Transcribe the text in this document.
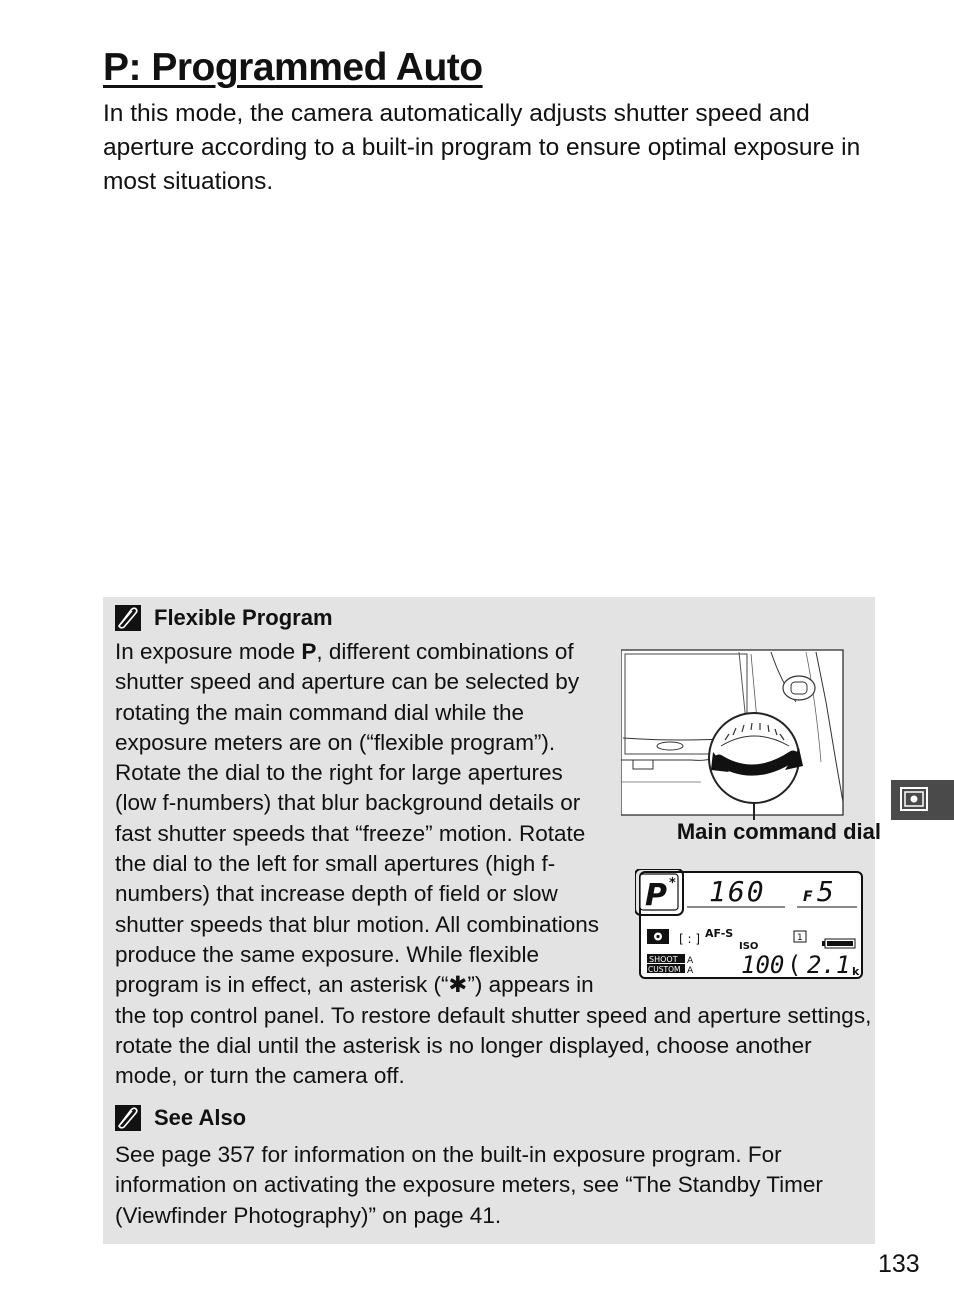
P: Programmed Auto

In this mode, the camera automatically adjusts shutter speed and aperture according to a built-in program to ensure optimal exposure in most situations.

Flexible Program
In exposure mode P, different combinations of shutter speed and aperture can be selected by rotating the main command dial while the exposure meters are on (“flexible program”). Rotate the dial to the right for large apertures (low f-numbers) that blur background details or fast shutter speeds that “freeze” motion. Rotate the dial to the left for small apertures (high f-numbers) that increase depth of field or slow shutter speeds that blur motion. All combinations produce the same exposure. While flexible program is in effect, an asterisk (“✱”) appears in the top control panel. To restore default shutter speed and aperture settings, rotate the dial until the asterisk is no longer displayed, choose another mode, or turn the camera off.
Main command dial
P * 160	F 5
[ : ] AF-S
ISO
1
SHOOT
CUSTOM
A
A 100 ( 2.1 k
See Also

See page 357 for information on the built-in exposure program. For information on activating the exposure meters, see “The Standby Timer (Viewfinder Photography)” on page 41.

133
